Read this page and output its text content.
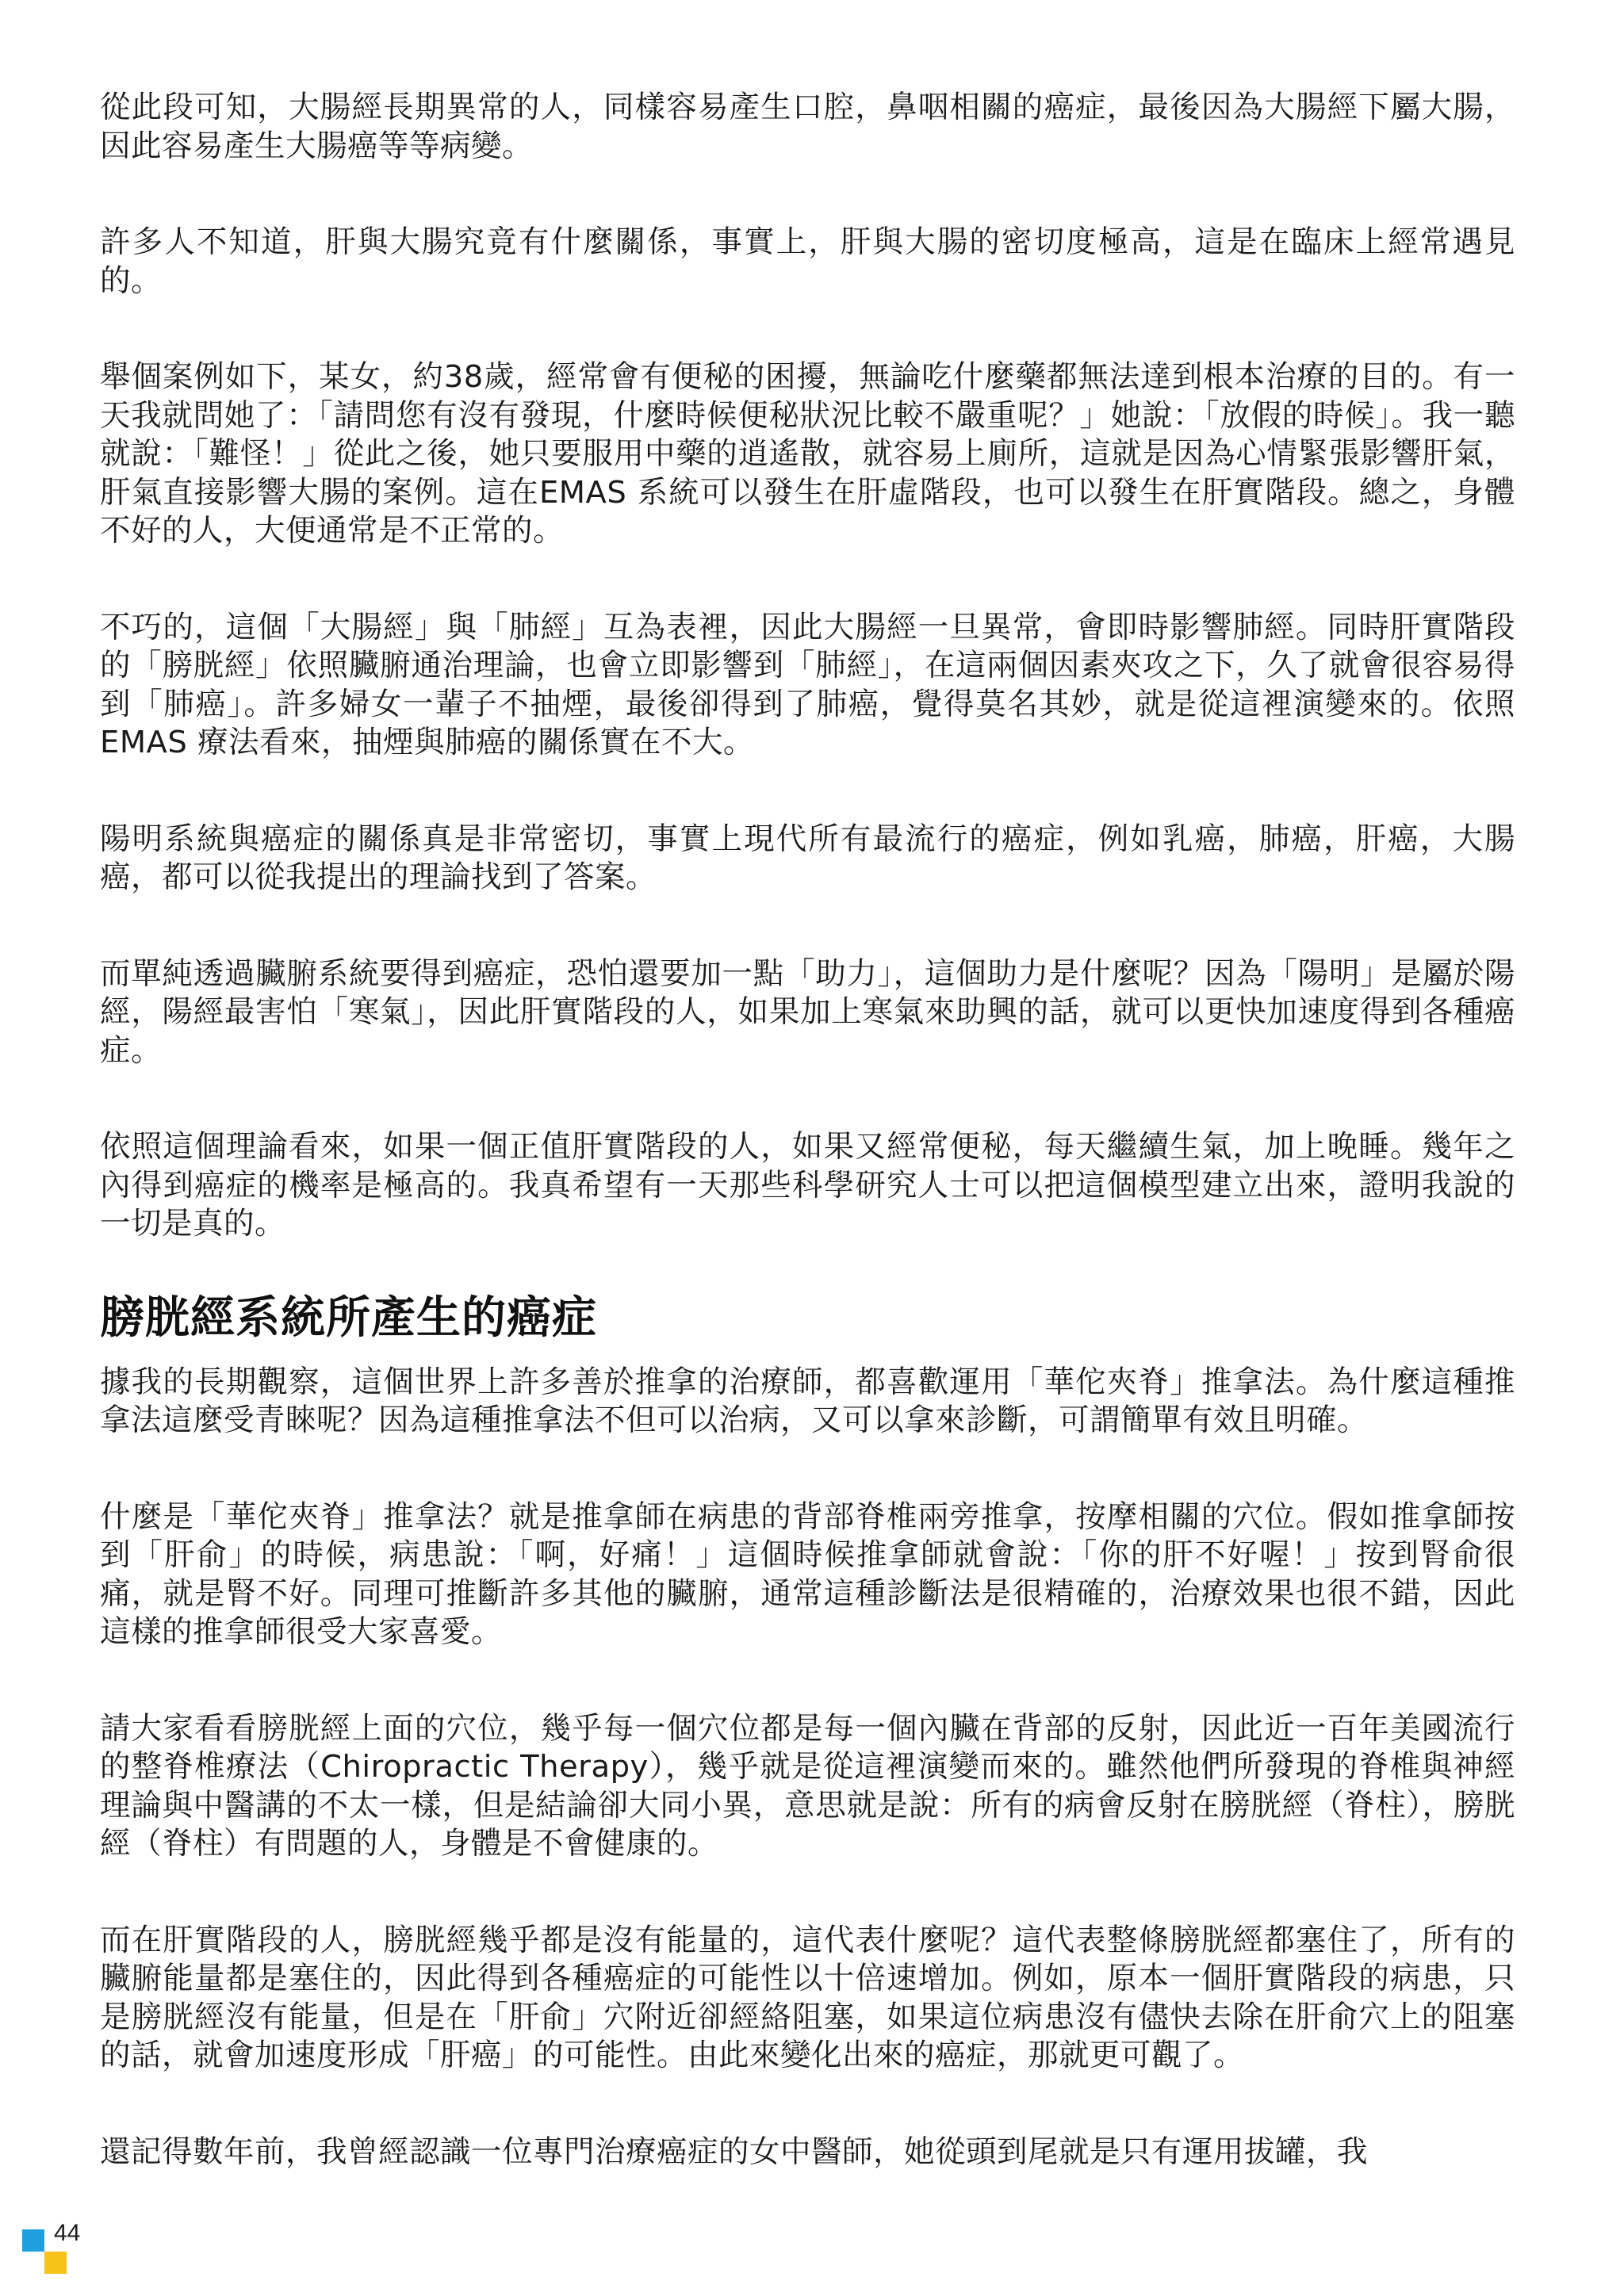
從此段可知，大腸經長期異常的人，同樣容易產生口腔，鼻咽相關的癌症，最後因為大腸經下屬大腸，因此容易產生大腸癌等等病變。

許多人不知道，肝與大腸究竟有什麼關係，事實上，肝與大腸的密切度極高，這是在臨床上經常遇見的。

舉個案例如下，某女，約38歲，經常會有便秘的困擾，無論吃什麼藥都無法達到根本治療的目的。有一天我就問她了：「請問您有沒有發現，什麼時候便秘狀況比較不嚴重呢？」她說：「放假的時候」。我一聽就說：「難怪！」從此之後，她只要服用中藥的逍遙散，就容易上廁所，這就是因為心情緊張影響肝氣，肝氣直接影響大腸的案例。這在EMAS 系統可以發生在肝虛階段，也可以發生在肝實階段。總之，身體不好的人，大便通常是不正常的。

不巧的，這個「大腸經」與「肺經」互為表裡，因此大腸經一旦異常，會即時影響肺經。同時肝實階段的「膀胱經」依照臟腑通治理論，也會立即影響到「肺經」，在這兩個因素夾攻之下，久了就會很容易得到「肺癌」。許多婦女一輩子不抽煙，最後卻得到了肺癌，覺得莫名其妙，就是從這裡演變來的。依照EMAS 療法看來，抽煙與肺癌的關係實在不大。

陽明系統與癌症的關係真是非常密切，事實上現代所有最流行的癌症，例如乳癌，肺癌，肝癌，大腸癌，都可以從我提出的理論找到了答案。

而單純透過臟腑系統要得到癌症，恐怕還要加一點「助力」，這個助力是什麼呢？因為「陽明」是屬於陽經，陽經最害怕「寒氣」，因此肝實階段的人，如果加上寒氣來助興的話，就可以更快加速度得到各種癌症。

依照這個理論看來，如果一個正值肝實階段的人，如果又經常便秘，每天繼續生氣，加上晚睡。幾年之內得到癌症的機率是極高的。我真希望有一天那些科學研究人士可以把這個模型建立出來，證明我說的一切是真的。

膀胱經系統所產生的癌症

據我的長期觀察，這個世界上許多善於推拿的治療師，都喜歡運用「華佗夾脊」推拿法。為什麼這種推拿法這麼受青睞呢？因為這種推拿法不但可以治病，又可以拿來診斷，可謂簡單有效且明確。

什麼是「華佗夾脊」推拿法？就是推拿師在病患的背部脊椎兩旁推拿，按摩相關的穴位。假如推拿師按到「肝俞」的時候，病患說：「啊，好痛！」這個時候推拿師就會說：「你的肝不好喔！」按到腎俞很痛，就是腎不好。同理可推斷許多其他的臟腑，通常這種診斷法是很精確的，治療效果也很不錯，因此這樣的推拿師很受大家喜愛。

請大家看看膀胱經上面的穴位，幾乎每一個穴位都是每一個內臟在背部的反射，因此近一百年美國流行的整脊椎療法（Chiropractic Therapy），幾乎就是從這裡演變而來的。雖然他們所發現的脊椎與神經理論與中醫講的不太一樣，但是結論卻大同小異，意思就是說：所有的病會反射在膀胱經（脊柱），膀胱經（脊柱）有問題的人，身體是不會健康的。

而在肝實階段的人，膀胱經幾乎都是沒有能量的，這代表什麼呢？這代表整條膀胱經都塞住了，所有的臟腑能量都是塞住的，因此得到各種癌症的可能性以十倍速增加。例如，原本一個肝實階段的病患，只是膀胱經沒有能量，但是在「肝俞」穴附近卻經絡阻塞，如果這位病患沒有儘快去除在肝俞穴上的阻塞的話，就會加速度形成「肝癌」的可能性。由此來變化出來的癌症，那就更可觀了。

還記得數年前，我曾經認識一位專門治療癌症的女中醫師，她從頭到尾就是只有運用拔罐，我

44
